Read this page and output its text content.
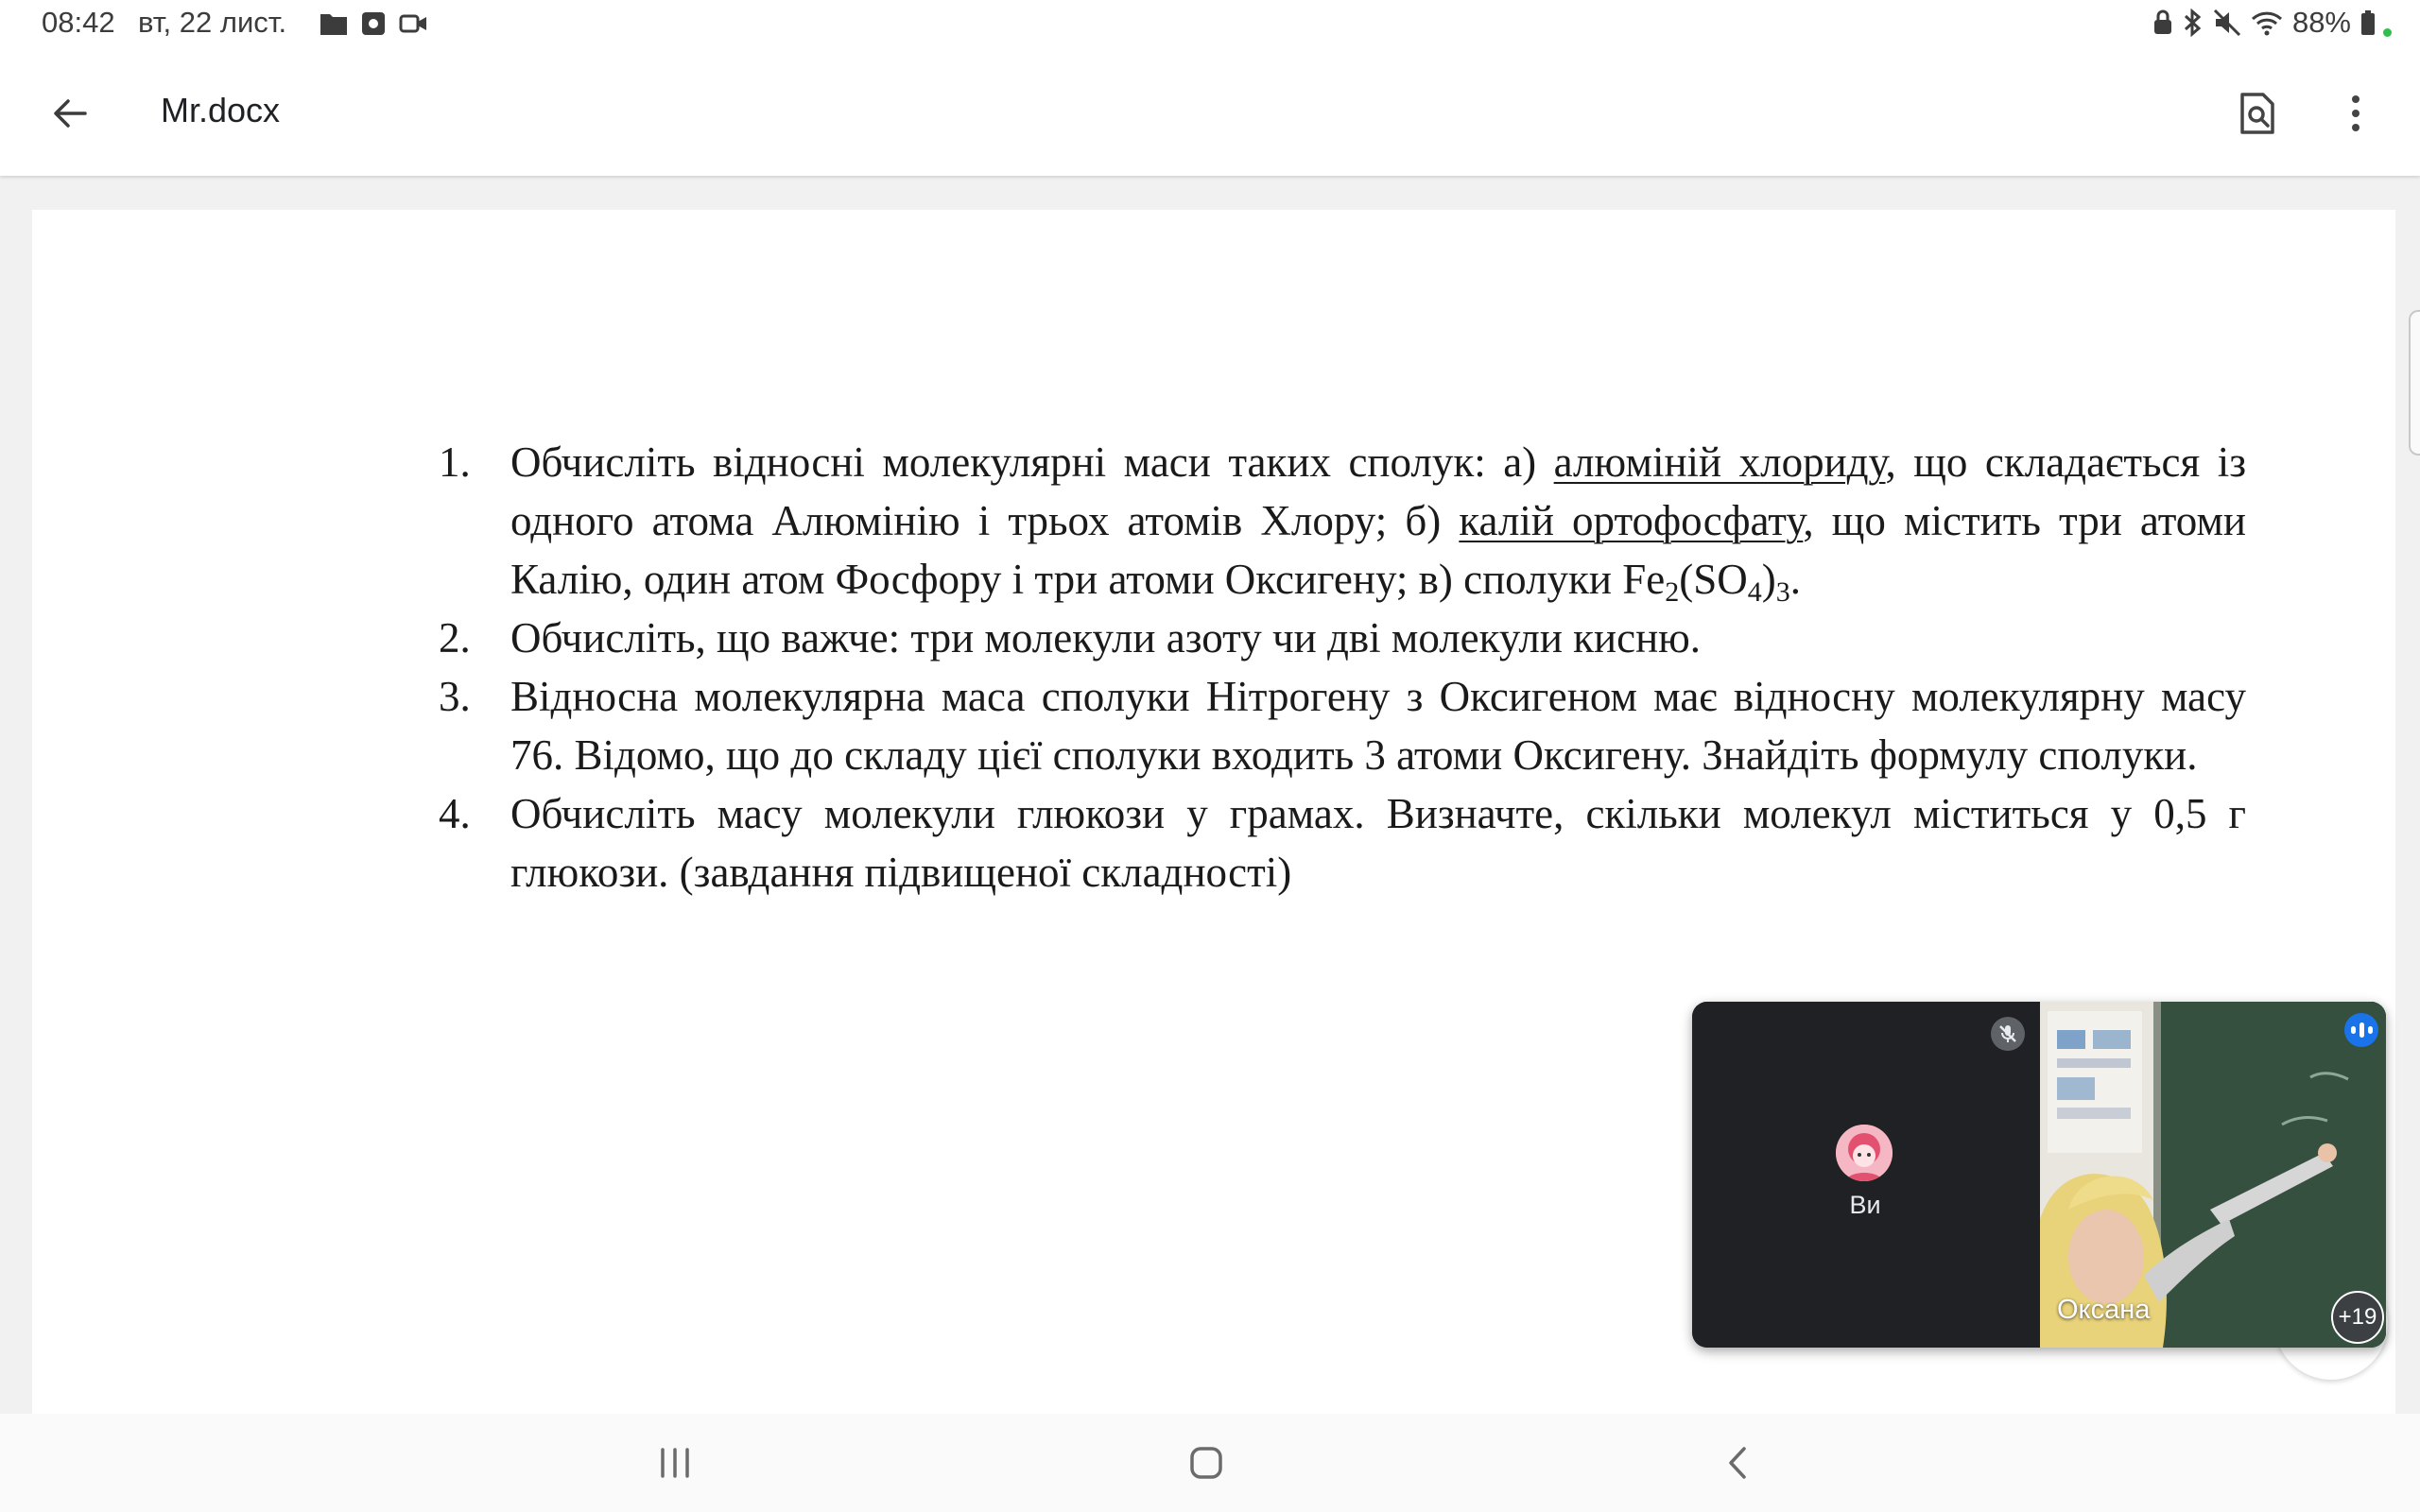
08:42 вт, 22 лист.	88%
Mr.docx
1. Обчисліть відносні молекулярні маси таких сполук: а) алюміній хлориду, що складається із одного атома Алюмінію і трьох атомів Хлору; б) калій ортофосфату, що містить три атоми Калію, один атом Фосфору і три атоми Оксигену; в) сполуки $Fe_2(SO_4)_3$.
2. Обчисліть, що важче: три молекули азоту чи дві молекули кисню.
3. Відносна молекулярна маса сполуки Нітрогену з Оксигеном має відносну молекулярну масу 76. Відомо, що до складу цієї сполуки входить 3 атоми Оксигену. Знайдіть формулу сполуки.
4. Обчисліть масу молекули глюкози у грамах. Визначте, скільки молекул міститься у 0,5 г глюкози. (завдання підвищеної складності)
Ви
Оксана	+19
